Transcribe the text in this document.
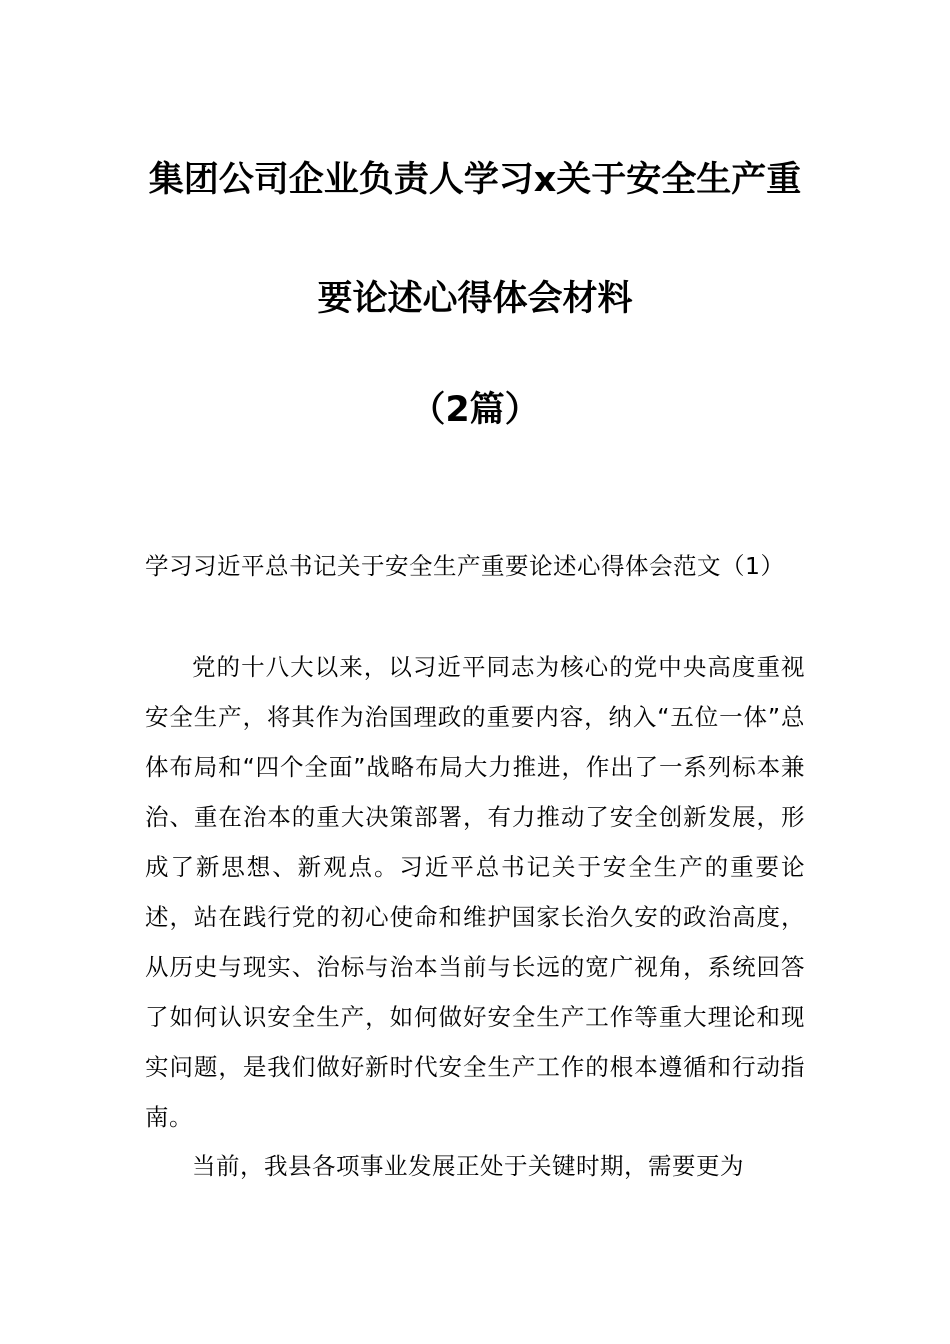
集团公司企业负责人学习x关于安全生产重
要论述心得体会材料
（2篇）
学习习近平总书记关于安全生产重要论述心得体会范文（1）
党的十八大以来，以习近平同志为核心的党中央高度重视安全生产，将其作为治国理政的重要内容，纳入“五位一体”总体布局和“四个全面”战略布局大力推进，作出了一系列标本兼治、重在治本的重大决策部署，有力推动了安全创新发展，形成了新思想、新观点。习近平总书记关于安全生产的重要论述，站在践行党的初心使命和维护国家长治久安的政治高度，从历史与现实、治标与治本当前与长远的宽广视角，系统回答了如何认识安全生产，如何做好安全生产工作等重大理论和现实问题，是我们做好新时代安全生产工作的根本遵循和行动指南。
当前，我县各项事业发展正处于关键时期，需要更为
